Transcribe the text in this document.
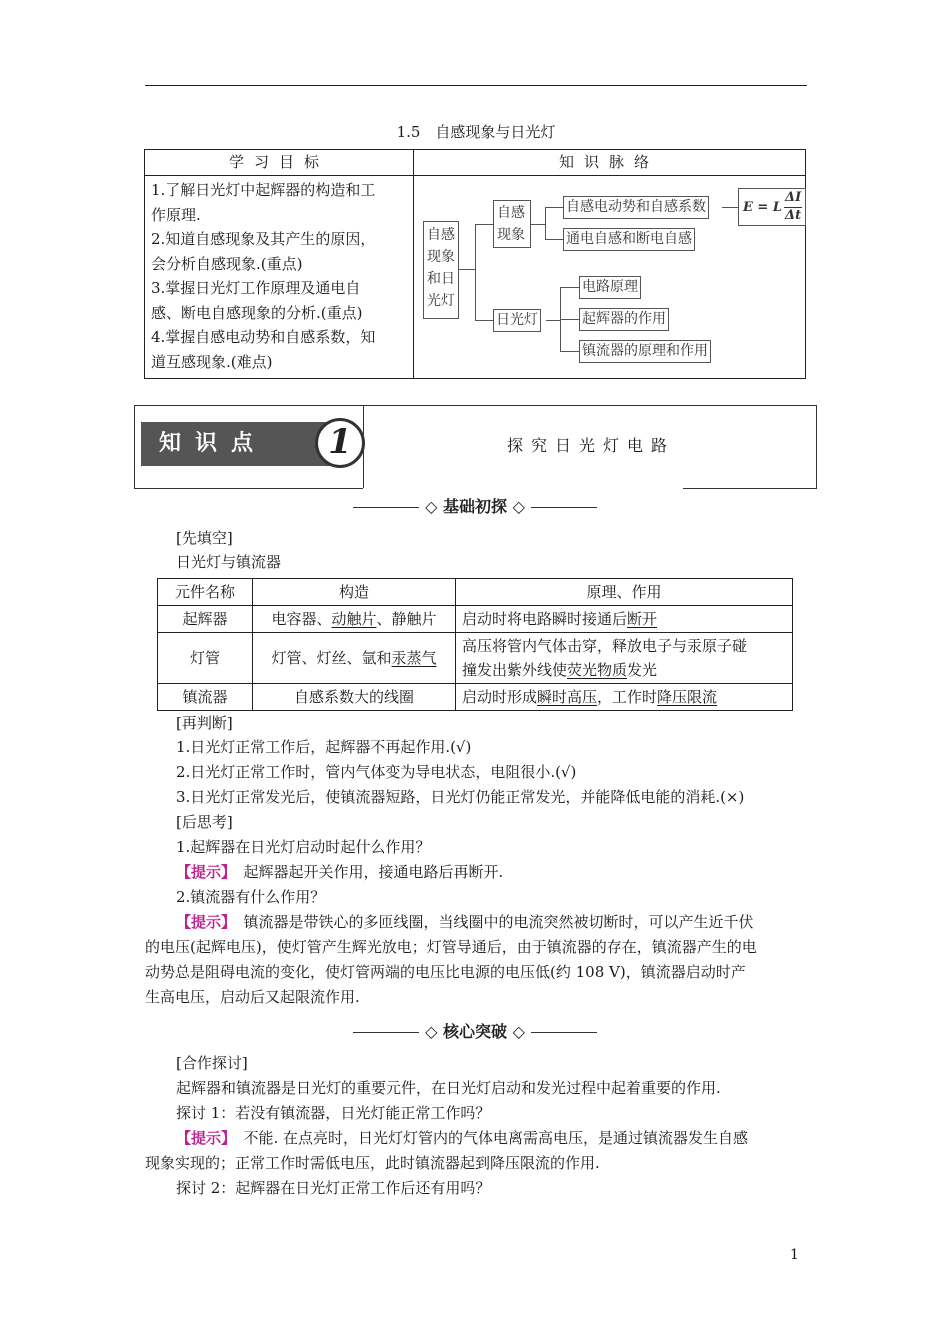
1.5　自感现象与日光灯
学习目标	知识脉络
1.了解日光灯中起辉器的构造和工
作原理.
2.知道自感现象及其产生的原因，
会分析自感现象.(重点)
3.掌握日光灯工作原理及通电自
感、断电自感现象的分析.(重点)
4.掌握自感电动势和自感系数，知
道互感现象.(难点)
自感现象和日光灯
自感现象
自感电动势和自感系数
通电自感和断电自感
E = L
ΔI
Δt
日光灯
电路原理
起辉器的作用
镇流器的原理和作用
知识点	1	探究日光灯电路
◇ 基础初探 ◇
[先填空]
日光灯与镇流器
元件名称	构造	原理、作用
起辉器	电容器、动触片、静触片	启动时将电路瞬时接通后断开
灯管	灯管、灯丝、氩和汞蒸气	高压将管内气体击穿，释放电子与汞原子碰
撞发出紫外线使荧光物质发光
镇流器	自感系数大的线圈	启动时形成瞬时高压，工作时降压限流
[再判断]
1.日光灯正常工作后，起辉器不再起作用.(√)
2.日光灯正常工作时，管内气体变为导电状态，电阻很小.(√)
3.日光灯正常发光后，使镇流器短路，日光灯仍能正常发光，并能降低电能的消耗.(×)
[后思考]
1.起辉器在日光灯启动时起什么作用？
【提示】　起辉器起开关作用，接通电路后再断开.
2.镇流器有什么作用？
【提示】　镇流器是带铁心的多匝线圈，当线圈中的电流突然被切断时，可以产生近千伏
的电压(起辉电压)，使灯管产生辉光放电；灯管导通后，由于镇流器的存在，镇流器产生的电
动势总是阻碍电流的变化，使灯管两端的电压比电源的电压低(约 108 V)，镇流器启动时产
生高电压，启动后又起限流作用.
◇ 核心突破 ◇
[合作探讨]
起辉器和镇流器是日光灯的重要元件，在日光灯启动和发光过程中起着重要的作用.
探讨 1：若没有镇流器，日光灯能正常工作吗？
【提示】　不能. 在点亮时，日光灯灯管内的气体电离需高电压，是通过镇流器发生自感
现象实现的；正常工作时需低电压，此时镇流器起到降压限流的作用.
探讨 2：起辉器在日光灯正常工作后还有用吗？
1
